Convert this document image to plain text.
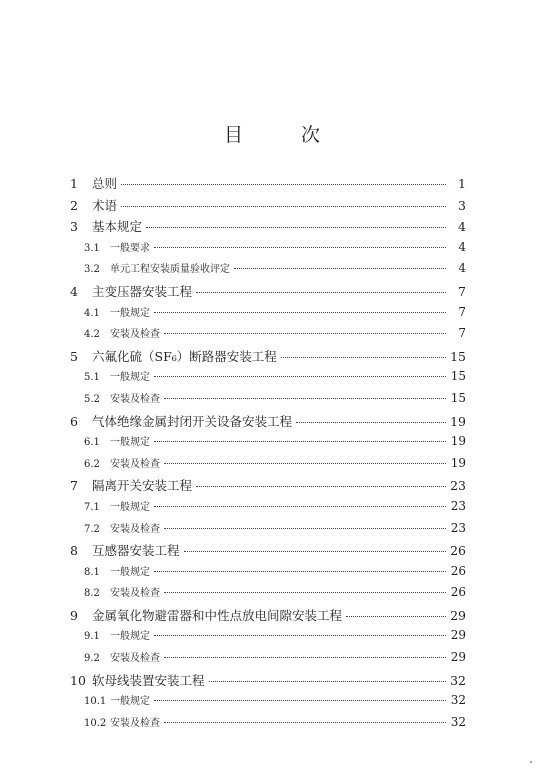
目 次
1	总则	1
2	术语	3
3	基本规定	4
3.1	一般要求	4
3.2	单元工程安装质量验收评定	4
4	主变压器安装工程	7
4.1	一般规定	7
4.2	安装及检查	7
5	六氟化硫（SF₆）断路器安装工程	15
5.1	一般规定	15
5.2	安装及检查	15
6	气体绝缘金属封闭开关设备安装工程	19
6.1	一般规定	19
6.2	安装及检查	19
7	隔离开关安装工程	23
7.1	一般规定	23
7.2	安装及检查	23
8	互感器安装工程	26
8.1	一般规定	26
8.2	安装及检查	26
9	金属氧化物避雷器和中性点放电间隙安装工程	29
9.1	一般规定	29
9.2	安装及检查	29
10 软母线装置安装工程	32
10.1 一般规定	32
10.2 安装及检查	32
